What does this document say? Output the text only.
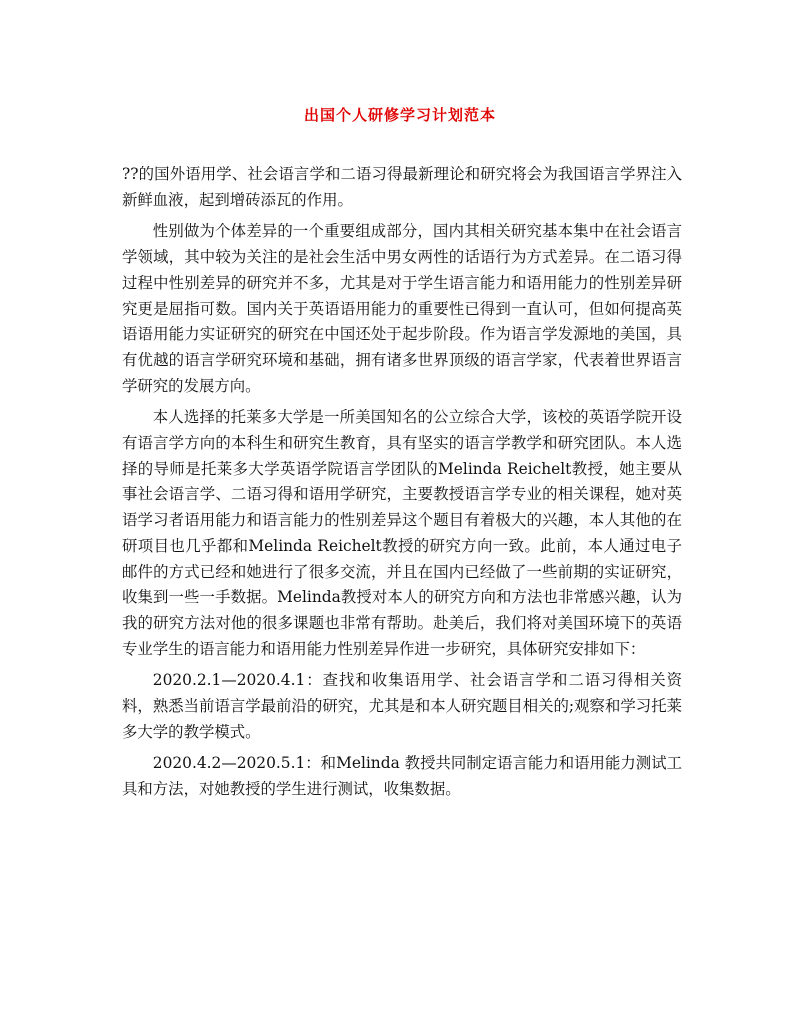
出国个人研修学习计划范本

??的国外语用学、社会语言学和二语习得最新理论和研究将会为我国语言学界注入新鲜血液，起到增砖添瓦的作用。

性别做为个体差异的一个重要组成部分，国内其相关研究基本集中在社会语言学领域，其中较为关注的是社会生活中男女两性的话语行为方式差异。在二语习得过程中性别差异的研究并不多，尤其是对于学生语言能力和语用能力的性别差异研究更是屈指可数。国内关于英语语用能力的重要性已得到一直认可，但如何提高英语语用能力实证研究的研究在中国还处于起步阶段。作为语言学发源地的美国，具有优越的语言学研究环境和基础，拥有诸多世界顶级的语言学家，代表着世界语言学研究的发展方向。

本人选择的托莱多大学是一所美国知名的公立综合大学，该校的英语学院开设有语言学方向的本科生和研究生教育，具有坚实的语言学教学和研究团队。本人选择的导师是托莱多大学英语学院语言学团队的Melinda Reichelt教授，她主要从事社会语言学、二语习得和语用学研究，主要教授语言学专业的相关课程，她对英语学习者语用能力和语言能力的性别差异这个题目有着极大的兴趣，本人其他的在研项目也几乎都和Melinda Reichelt教授的研究方向一致。此前，本人通过电子邮件的方式已经和她进行了很多交流，并且在国内已经做了一些前期的实证研究，收集到一些一手数据。Melinda教授对本人的研究方向和方法也非常感兴趣，认为我的研究方法对他的很多课题也非常有帮助。赴美后，我们将对美国环境下的英语专业学生的语言能力和语用能力性别差异作进一步研究，具体研究安排如下：

2020.2.1—2020.4.1：查找和收集语用学、社会语言学和二语习得相关资料，熟悉当前语言学最前沿的研究，尤其是和本人研究题目相关的;观察和学习托莱多大学的教学模式。

2020.4.2—2020.5.1：和Melinda 教授共同制定语言能力和语用能力测试工具和方法，对她教授的学生进行测试，收集数据。
